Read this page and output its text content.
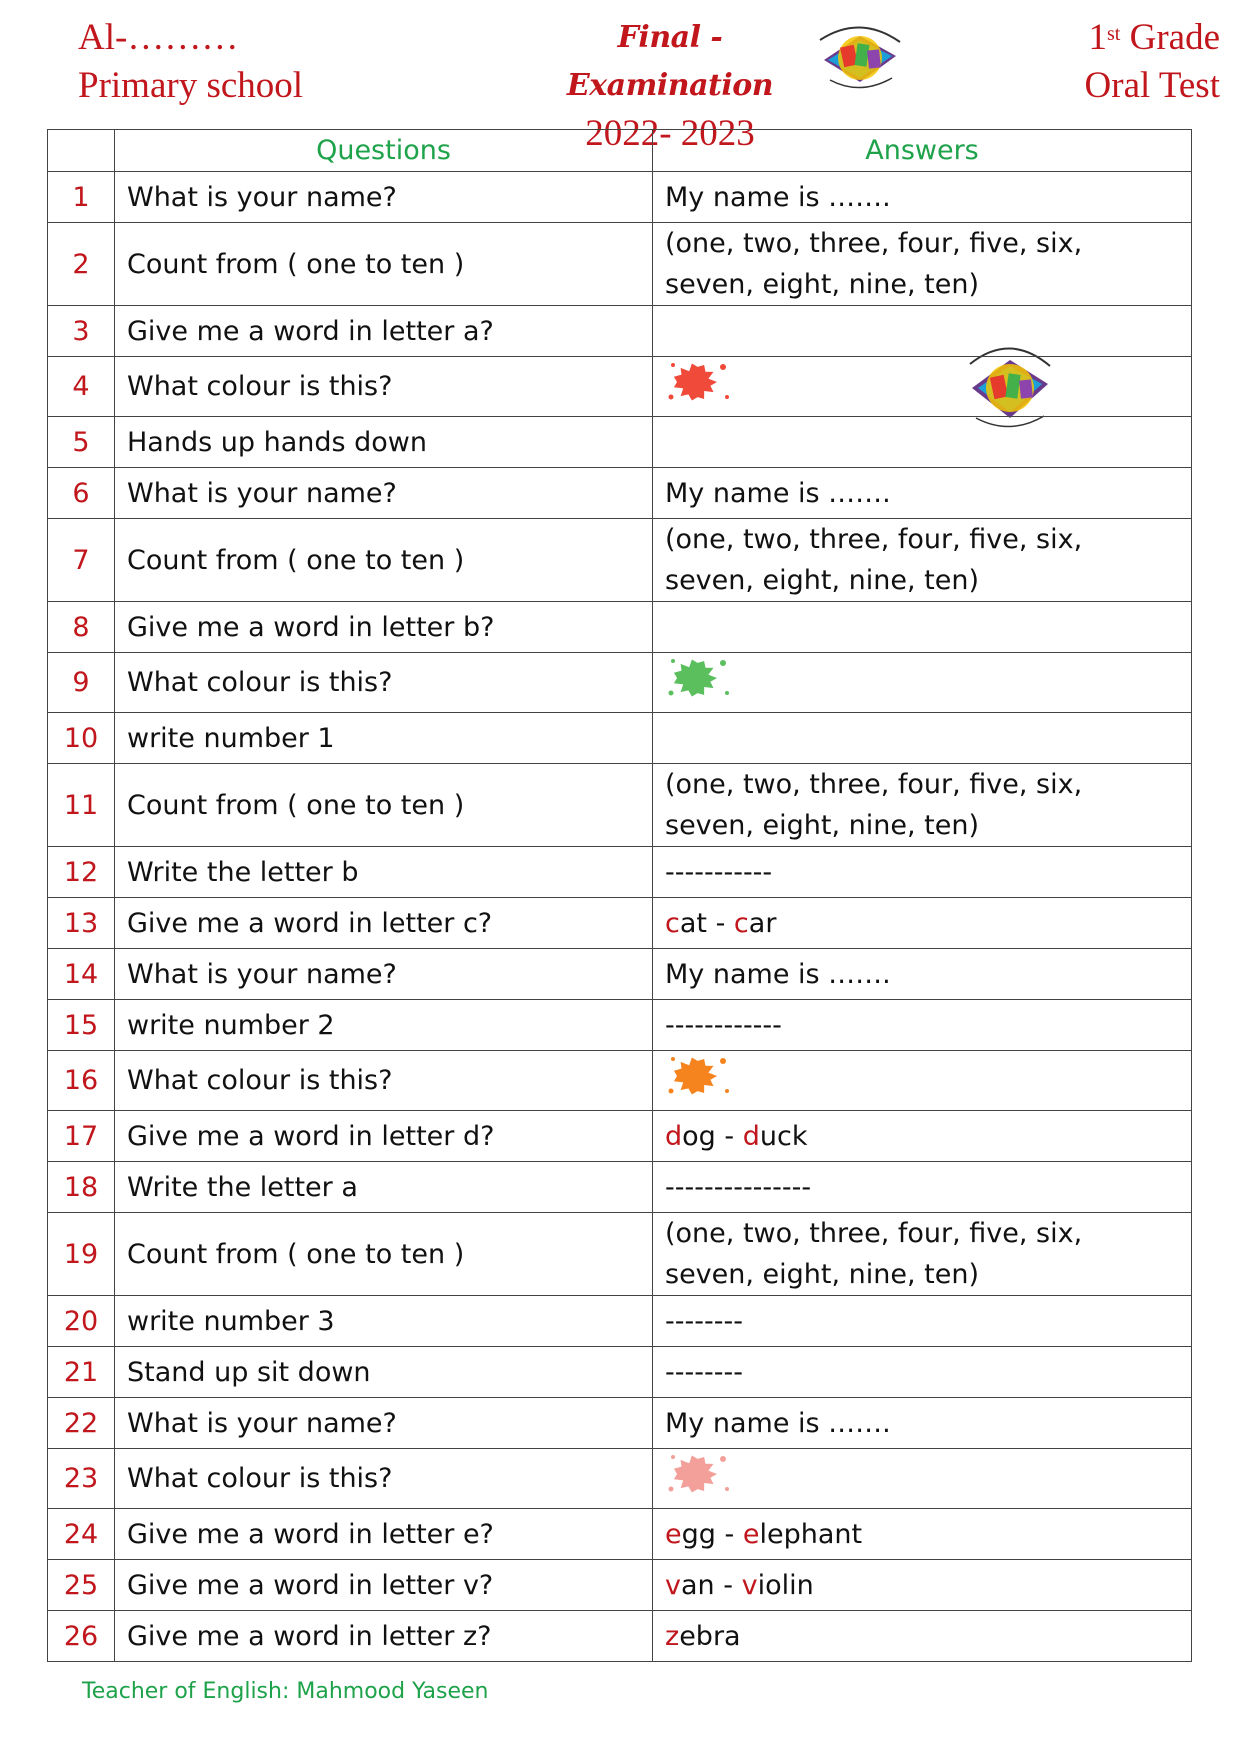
Al-………
Primary school
Final - Examination
2022- 2023
1st Grade
Oral Test
	Questions	Answers
1	What is your name?	My name is …….
2	Count from ( one to ten )	(one, two, three, four, five, six,
seven, eight, nine, ten)

3	Give me a word in letter a?	
4	What colour is this?	
5	Hands up hands down	
6	What is your name?	My name is …….
7	Count from ( one to ten )	(one, two, three, four, five, six,
seven, eight, nine, ten)

8	Give me a word in letter b?	
9	What colour is this?	
10	write number 1	
11	Count from ( one to ten )	(one, two, three, four, five, six,
seven, eight, nine, ten)

12	Write the letter b	-----------
13	Give me a word in letter c?	cat - car
14	What is your name?	My name is …….
15	write number 2	------------
16	What colour is this?	
17	Give me a word in letter d?	dog - duck
18	Write the letter a	---------------
19	Count from ( one to ten )	(one, two, three, four, five, six,
seven, eight, nine, ten)

20	write number 3	--------
21	Stand up sit down	--------
22	What is your name?	My name is …….
23	What colour is this?	
24	Give me a word in letter e?	egg - elephant
25	Give me a word in letter v?	van - violin
26	Give me a word in letter z?	zebra
Teacher of English: Mahmood Yaseen
